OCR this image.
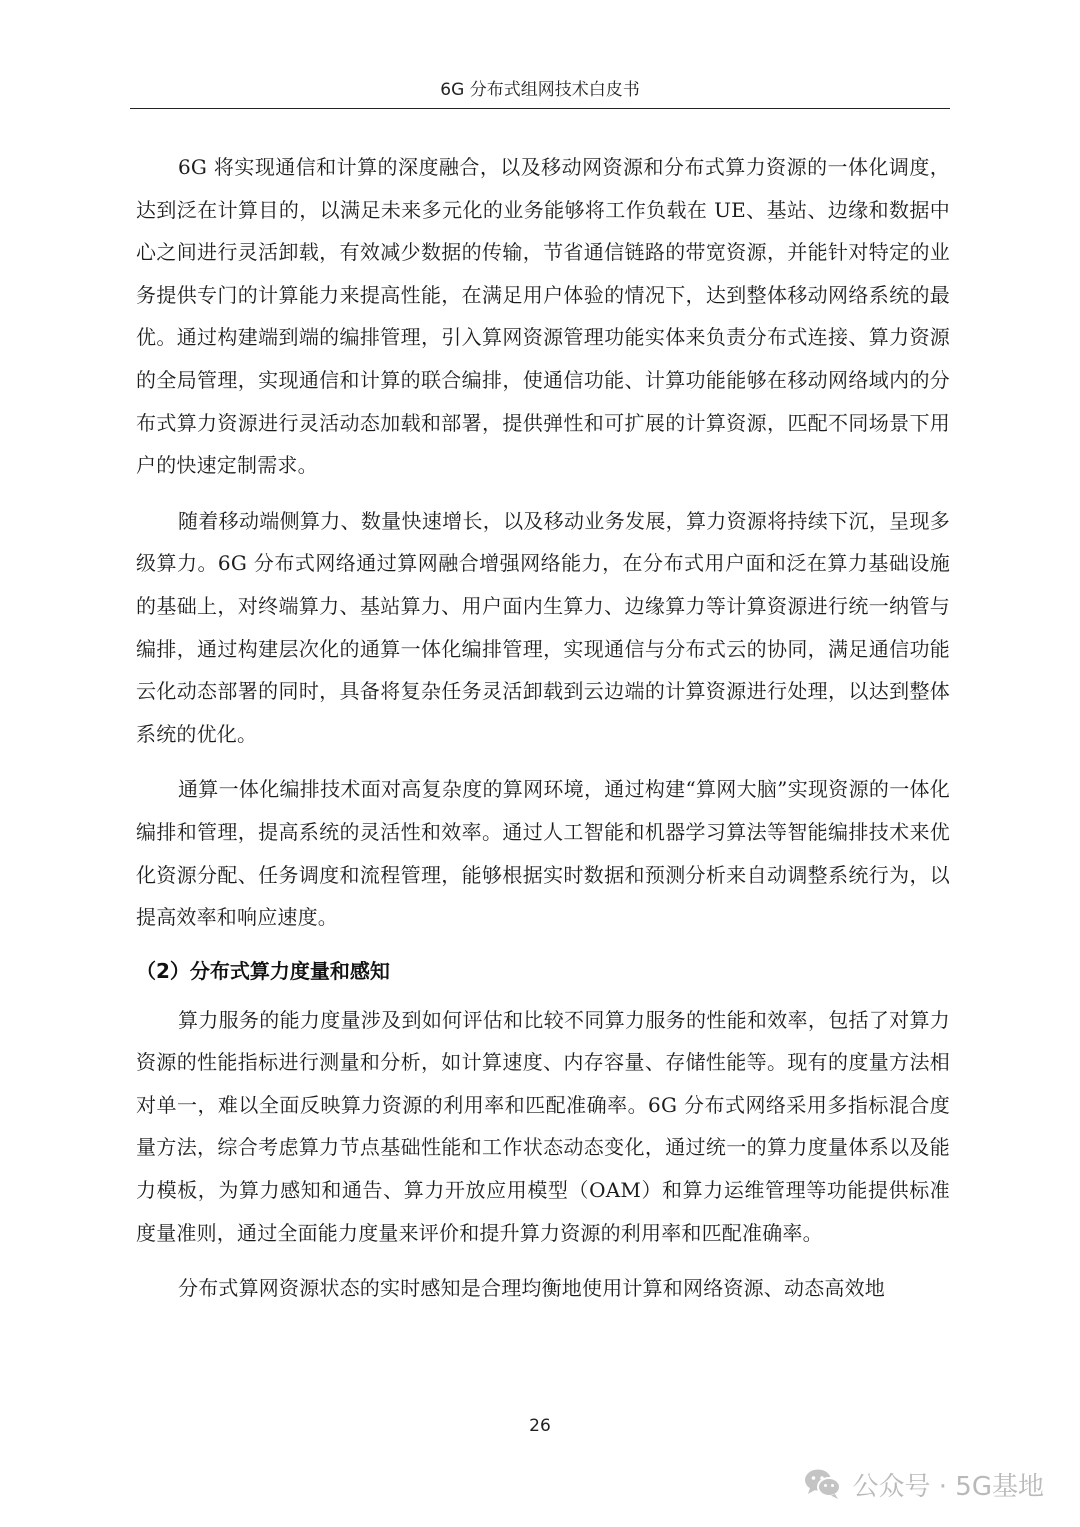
6G 分布式组网技术白皮书

6G 将实现通信和计算的深度融合，以及移动网资源和分布式算力资源的一体化调度，达到泛在计算目的，以满足未来多元化的业务能够将工作负载在 UE、基站、边缘和数据中心之间进行灵活卸载，有效减少数据的传输，节省通信链路的带宽资源，并能针对特定的业务提供专门的计算能力来提高性能，在满足用户体验的情况下，达到整体移动网络系统的最优。通过构建端到端的编排管理，引入算网资源管理功能实体来负责分布式连接、算力资源的全局管理，实现通信和计算的联合编排，使通信功能、计算功能能够在移动网络域内的分布式算力资源进行灵活动态加载和部署，提供弹性和可扩展的计算资源，匹配不同场景下用户的快速定制需求。

随着移动端侧算力、数量快速增长，以及移动业务发展，算力资源将持续下沉，呈现多级算力。6G 分布式网络通过算网融合增强网络能力，在分布式用户面和泛在算力基础设施的基础上，对终端算力、基站算力、用户面内生算力、边缘算力等计算资源进行统一纳管与编排，通过构建层次化的通算一体化编排管理，实现通信与分布式云的协同，满足通信功能云化动态部署的同时，具备将复杂任务灵活卸载到云边端的计算资源进行处理，以达到整体系统的优化。

通算一体化编排技术面对高复杂度的算网环境，通过构建“算网大脑”实现资源的一体化编排和管理，提高系统的灵活性和效率。通过人工智能和机器学习算法等智能编排技术来优化资源分配、任务调度和流程管理，能够根据实时数据和预测分析来自动调整系统行为，以提高效率和响应速度。

（2）分布式算力度量和感知

算力服务的能力度量涉及到如何评估和比较不同算力服务的性能和效率，包括了对算力资源的性能指标进行测量和分析，如计算速度、内存容量、存储性能等。现有的度量方法相对单一，难以全面反映算力资源的利用率和匹配准确率。6G 分布式网络采用多指标混合度量方法，综合考虑算力节点基础性能和工作状态动态变化，通过统一的算力度量体系以及能力模板，为算力感知和通告、算力开放应用模型（OAM）和算力运维管理等功能提供标准度量准则，通过全面能力度量来评价和提升算力资源的利用率和匹配准确率。

分布式算网资源状态的实时感知是合理均衡地使用计算和网络资源、动态高效地

26
公众号 · 5G基地
